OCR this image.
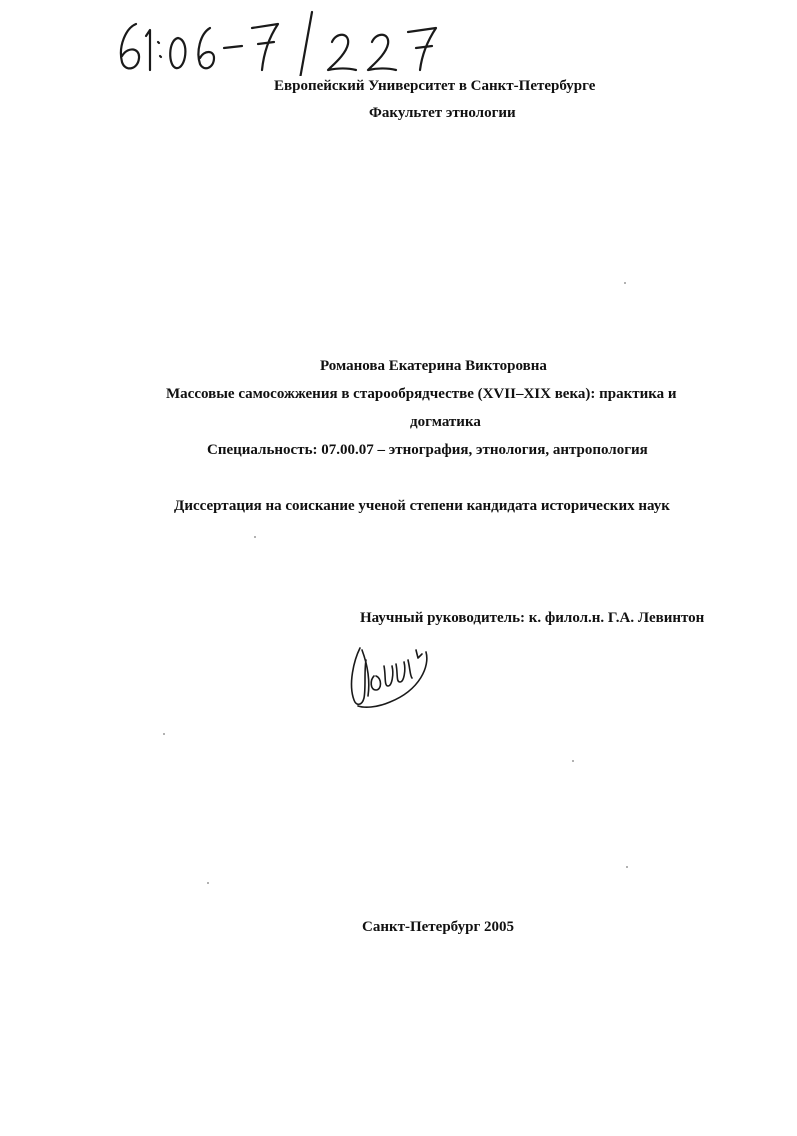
Европейский Университет в Санкт-Петербурге
Факультет этнологии
Романова Екатерина Викторовна
Массовые самосожжения в старообрядчестве (XVII–XIX века): практика и
догматика
Специальность: 07.00.07 – этнография, этнология, антропология
Диссертация на соискание ученой степени кандидата исторических наук
Научный руководитель: к. филол.н. Г.А. Левинтон
Санкт-Петербург 2005
